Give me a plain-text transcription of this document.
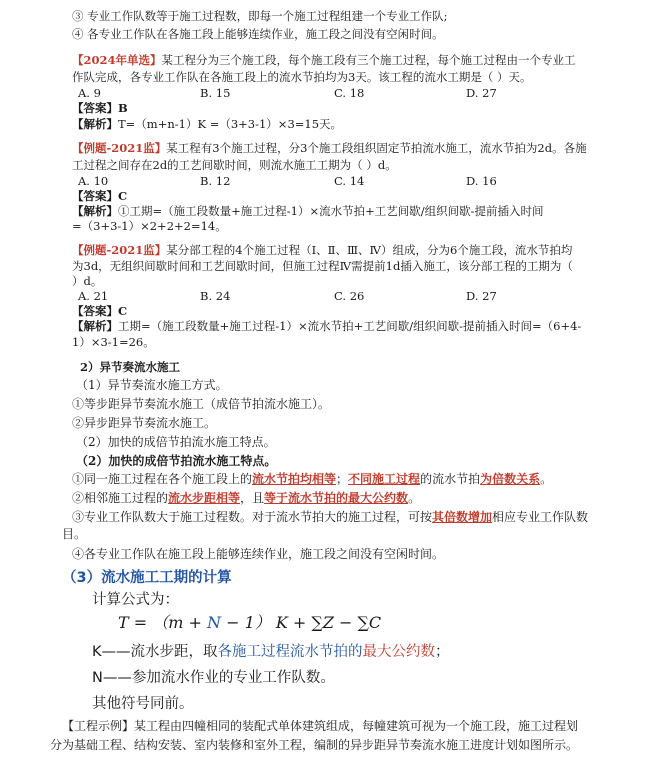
③ 专业工作队数等于施工过程数，即每一个施工过程组建一个专业工作队;
④ 各专业工作队在各施工段上能够连续作业，施工段之间没有空闲时间。
【2024年单选】某工程分为三个施工段，每个施工段有三个施工过程，每个施工过程由一个专业工
作队完成，各专业工作队在各施工段上的流水节拍均为3天。该工程的流水工期是（ ）天。
A. 9	B. 15	C. 18	D. 27
【答案】B
【解析】T=（m+n-1）K =（3+3-1）×3=15天。
【例题-2021监】某工程有3个施工过程，分3个施工段组织固定节拍流水施工，流水节拍为2d。各施
工过程之间存在2d的工艺间歇时间，则流水施工工期为（ ）d。
A. 10	B. 12	C. 14	D. 16
【答案】C
【解析】①工期=（施工段数量+施工过程-1）×流水节拍+工艺间歇/组织间歇-提前插入时间
=（3+3-1）×2+2+2=14。
【例题-2021监】某分部工程的4个施工过程（Ⅰ、Ⅱ、Ⅲ、Ⅳ）组成，分为6个施工段，流水节拍均
为3d，无组织间歇时间和工艺间歇时间，但施工过程Ⅳ需提前1d插入施工，该分部工程的工期为（
）d。
A. 21	B. 24	C. 26	D. 27
【答案】C
【解析】工期=（施工段数量+施工过程-1）×流水节拍+工艺间歇/组织间歇-提前插入时间=（6+4-
1）×3-1=26。
2）异节奏流水施工
（1）异节奏流水施工方式。
①等步距异节奏流水施工（成倍节拍流水施工）。
②异步距异节奏流水施工。
（2）加快的成倍节拍流水施工特点。
（2）加快的成倍节拍流水施工特点。
①同一施工过程在各个施工段上的流水节拍均相等；不同施工过程的流水节拍为倍数关系。
②相邻施工过程的流水步距相等，且等于流水节拍的最大公约数。
③专业工作队数大于施工过程数。对于流水节拍大的施工过程，可按其倍数增加相应专业工作队数
目。
④各专业工作队在施工段上能够连续作业，施工段之间没有空闲时间。
（3）流水施工工期的计算
计算公式为：
T = （m + N − 1） K + ∑Z − ∑C
K——流水步距，取各施工过程流水节拍的最大公约数；
N——参加流水作业的专业工作队数。
其他符号同前。
【工程示例】某工程由四幢相同的装配式单体建筑组成，每幢建筑可视为一个施工段，施工过程划
分为基础工程、结构安装、室内装修和室外工程，编制的异步距异节奏流水施工进度计划如图所示。
